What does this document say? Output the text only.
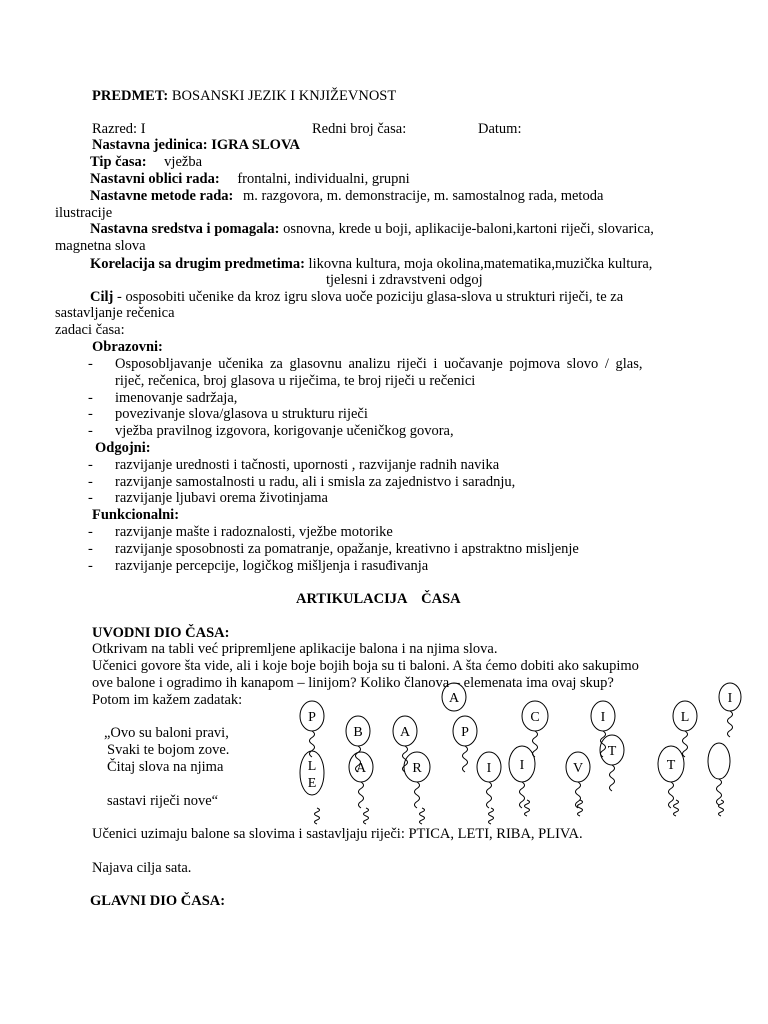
PREDMET: BOSANSKI JEZIK I KNJIŽEVNOST
Razred: I	Redni broj časa:	Datum:
Nastavna jedinica: IGRA SLOVA
Tip časa: vježba
Nastavni oblici rada: frontalni, individualni, grupni
Nastavne metode rada: m. razgovora, m. demonstracije, m. samostalnog rada, metoda
ilustracije
Nastavna sredstva i pomagala: osnovna, krede u boji, aplikacije-baloni,kartoni riječi, slovarica,
magnetna slova
Korelacija sa drugim predmetima: likovna kultura, moja okolina,matematika,muzička kultura,
tjelesni i zdravstveni odgoj
Cilj - osposobiti učenike da kroz igru slova uoče poziciju glasa-slova u strukturi riječi, te za
sastavljanje rečenica
zadaci časa:
Obrazovni:
- Osposobljavanje učenika za glasovnu analizu riječi i uočavanje pojmova slovo / glas,
riječ, rečenica, broj glasova u riječima, te broj riječi u rečenici
- imenovanje sadržaja,
- povezivanje slova/glasova u strukturu riječi
- vježba pravilnog izgovora, korigovanje učeničkog govora,
Odgojni:
- razvijanje urednosti i tačnosti, upornosti , razvijanje radnih navika
- razvijanje samostalnosti u radu, ali i smisla za zajednistvo i saradnju,
- razvijanje ljubavi orema životinjama
Funkcionalni:
- razvijanje mašte i radoznalosti, vježbe motorike
- razvijanje sposobnosti za pomatranje, opažanje, kreativno i apstraktno mislјenje
- razvijanje percepcije, logičkog mišljenja i rasuđivanja
ARTIKULACIJA    ČASA
UVODNI DIO ČASA:
Otkrivam na tabli već pripremljene aplikacije balona i na njima slova.
Učenici govore šta vide, ali i koje boje bojih boja su ti baloni. A šta ćemo dobiti ako sakupimo
ove balone i ogradimo ih kanapom – linijom? Koliko članova – elemenata ima ovaj skup?
Potom im kažem zadatak:
„Ovo su baloni pravi,
Svaki te bojom zove.
Čitaj slova na njima
sastavi riječi nove“
Učenici uzimaju balone sa slovima i sastavljaju riječi: PTICA, LETI, RIBA, PLIVA.
Najava cilja sata.
GLAVNI DIO ČASA:
A	I
P	C	I	L
B	A	P
T
L
E
A	R	I I	V	T
